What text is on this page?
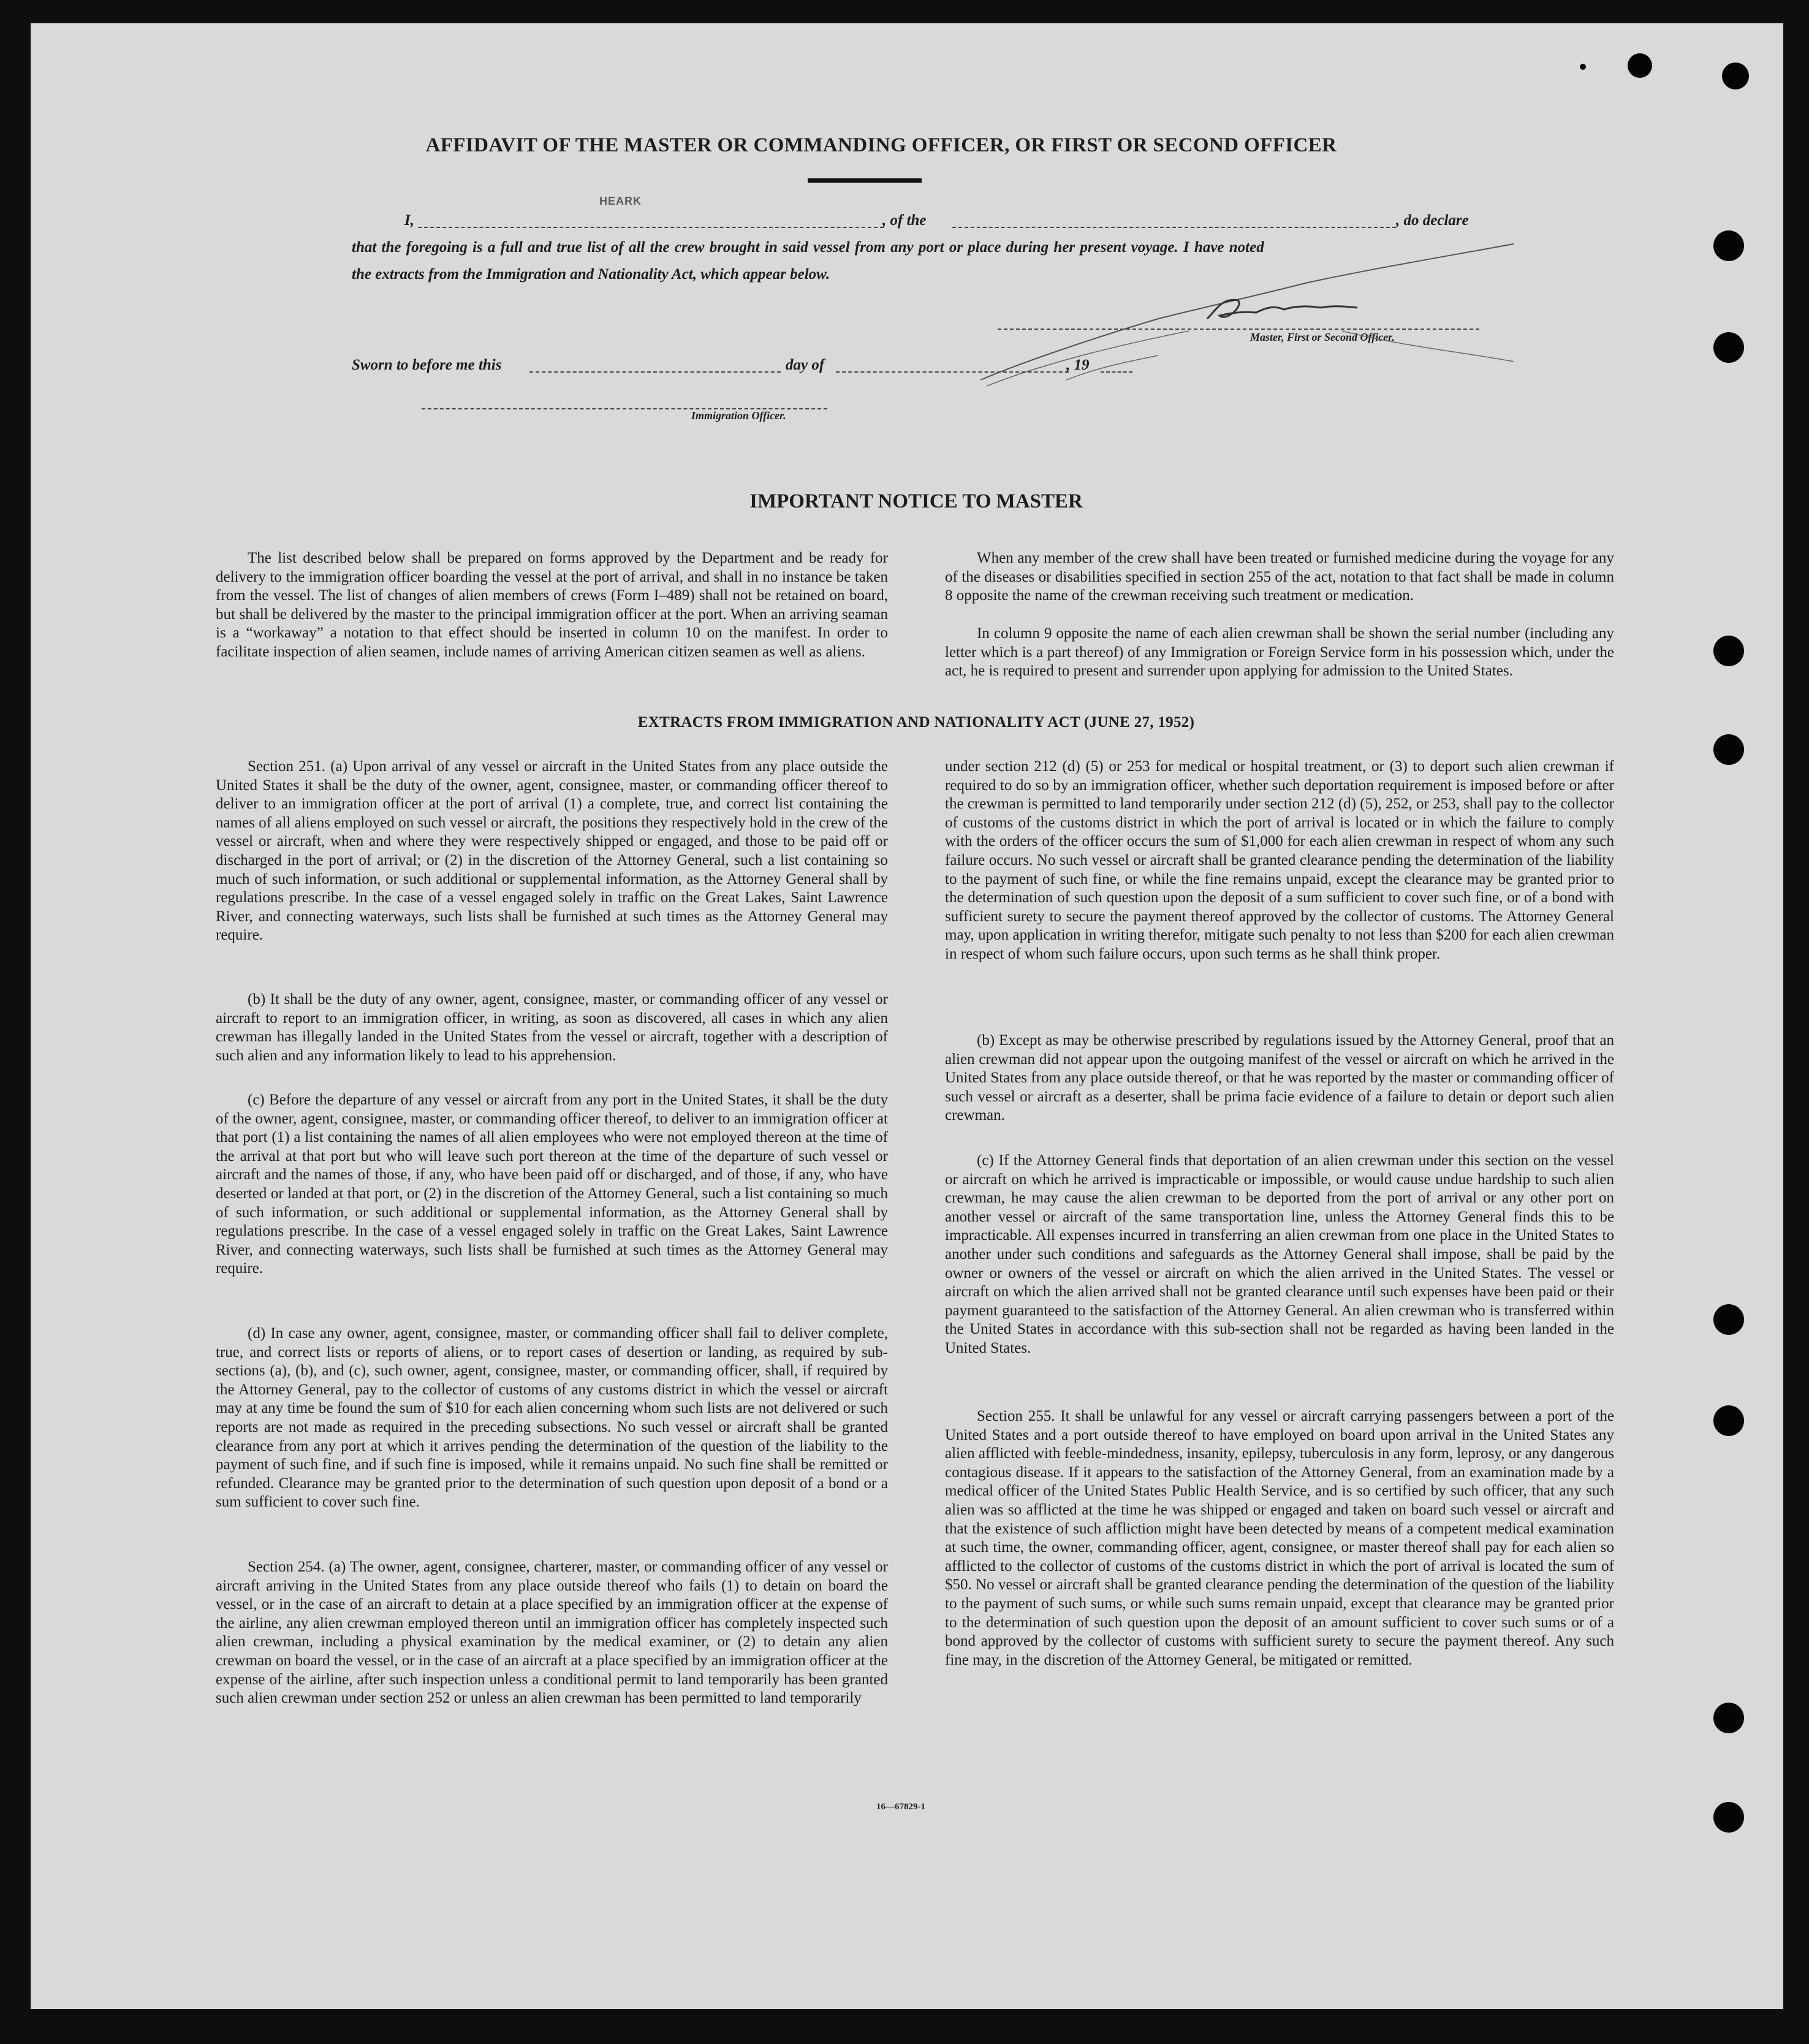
AFFIDAVIT OF THE MASTER OR COMMANDING OFFICER, OR FIRST OR SECOND OFFICER
I,
HEARK
, of the	, do declare
that the foregoing is a full and true list of all the crew brought in said vessel from any port or place during her present voyage. I have noted
the extracts from the Immigration and Nationality Act, which appear below.
Master, First or Second Officer.
Sworn to before me this	day of	, 19
Immigration Officer.
IMPORTANT NOTICE TO MASTER

The list described below shall be prepared on forms approved by the Department and be ready for delivery to the immigration officer boarding the vessel at the port of arrival, and shall in no instance be taken from the vessel. The list of changes of alien members of crews (Form I–489) shall not be retained on board, but shall be delivered by the master to the principal immigration officer at the port. When an arriving seaman is a “workaway” a notation to that effect should be inserted in column 10 on the manifest. In order to facilitate inspection of alien seamen, include names of arriving American citizen seamen as well as aliens.

When any member of the crew shall have been treated or furnished medicine during the voyage for any of the diseases or disabilities specified in section 255 of the act, notation to that fact shall be made in column 8 opposite the name of the crewman receiving such treatment or medication.

In column 9 opposite the name of each alien crewman shall be shown the serial number (including any letter which is a part thereof) of any Immigration or Foreign Service form in his possession which, under the act, he is required to present and surrender upon applying for admission to the United States.

EXTRACTS FROM IMMIGRATION AND NATIONALITY ACT (JUNE 27, 1952)

Section 251. (a) Upon arrival of any vessel or aircraft in the United States from any place outside the United States it shall be the duty of the owner, agent, consignee, master, or commanding officer thereof to deliver to an immigration officer at the port of arrival (1) a complete, true, and correct list containing the names of all aliens employed on such vessel or aircraft, the positions they respectively hold in the crew of the vessel or aircraft, when and where they were respectively shipped or engaged, and those to be paid off or discharged in the port of arrival; or (2) in the discretion of the Attorney General, such a list containing so much of such information, or such additional or supplemental information, as the Attorney General shall by regulations prescribe. In the case of a vessel engaged solely in traffic on the Great Lakes, Saint Lawrence River, and connecting waterways, such lists shall be furnished at such times as the Attorney General may require.

(b) It shall be the duty of any owner, agent, consignee, master, or commanding officer of any vessel or aircraft to report to an immigration officer, in writing, as soon as discovered, all cases in which any alien crewman has illegally landed in the United States from the vessel or aircraft, together with a description of such alien and any information likely to lead to his apprehension.

(c) Before the departure of any vessel or aircraft from any port in the United States, it shall be the duty of the owner, agent, consignee, master, or commanding officer thereof, to deliver to an immigration officer at that port (1) a list containing the names of all alien employees who were not employed thereon at the time of the arrival at that port but who will leave such port thereon at the time of the departure of such vessel or aircraft and the names of those, if any, who have been paid off or discharged, and of those, if any, who have deserted or landed at that port, or (2) in the discretion of the Attorney General, such a list containing so much of such information, or such additional or supplemental information, as the Attorney General shall by regulations prescribe. In the case of a vessel engaged solely in traffic on the Great Lakes, Saint Lawrence River, and connecting waterways, such lists shall be furnished at such times as the Attorney General may require.

(d) In case any owner, agent, consignee, master, or commanding officer shall fail to deliver complete, true, and correct lists or reports of aliens, or to report cases of desertion or landing, as required by sub-sections (a), (b), and (c), such owner, agent, consignee, master, or commanding officer, shall, if required by the Attorney General, pay to the collector of customs of any customs district in which the vessel or aircraft may at any time be found the sum of $10 for each alien concerning whom such lists are not delivered or such reports are not made as required in the preceding subsections. No such vessel or aircraft shall be granted clearance from any port at which it arrives pending the determination of the question of the liability to the payment of such fine, and if such fine is imposed, while it remains unpaid. No such fine shall be remitted or refunded. Clearance may be granted prior to the determination of such question upon deposit of a bond or a sum sufficient to cover such fine.

Section 254. (a) The owner, agent, consignee, charterer, master, or commanding officer of any vessel or aircraft arriving in the United States from any place outside thereof who fails (1) to detain on board the vessel, or in the case of an aircraft to detain at a place specified by an immigration officer at the expense of the airline, any alien crewman employed thereon until an immigration officer has completely inspected such alien crewman, including a physical examination by the medical examiner, or (2) to detain any alien crewman on board the vessel, or in the case of an aircraft at a place specified by an immigration officer at the expense of the airline, after such inspection unless a conditional permit to land temporarily has been granted such alien crewman under section 252 or unless an alien crewman has been permitted to land temporarily

under section 212 (d) (5) or 253 for medical or hospital treatment, or (3) to deport such alien crewman if required to do so by an immigration officer, whether such deportation requirement is imposed before or after the crewman is permitted to land temporarily under section 212 (d) (5), 252, or 253, shall pay to the collector of customs of the customs district in which the port of arrival is located or in which the failure to comply with the orders of the officer occurs the sum of $1,000 for each alien crewman in respect of whom any such failure occurs. No such vessel or aircraft shall be granted clearance pending the determination of the liability to the payment of such fine, or while the fine remains unpaid, except the clearance may be granted prior to the determination of such question upon the deposit of a sum sufficient to cover such fine, or of a bond with sufficient surety to secure the payment thereof approved by the collector of customs. The Attorney General may, upon application in writing therefor, mitigate such penalty to not less than $200 for each alien crewman in respect of whom such failure occurs, upon such terms as he shall think proper.

(b) Except as may be otherwise prescribed by regulations issued by the Attorney General, proof that an alien crewman did not appear upon the outgoing manifest of the vessel or aircraft on which he arrived in the United States from any place outside thereof, or that he was reported by the master or commanding officer of such vessel or aircraft as a deserter, shall be prima facie evidence of a failure to detain or deport such alien crewman.

(c) If the Attorney General finds that deportation of an alien crewman under this section on the vessel or aircraft on which he arrived is impracticable or impossible, or would cause undue hardship to such alien crewman, he may cause the alien crewman to be deported from the port of arrival or any other port on another vessel or aircraft of the same transportation line, unless the Attorney General finds this to be impracticable. All expenses incurred in transferring an alien crewman from one place in the United States to another under such conditions and safeguards as the Attorney General shall impose, shall be paid by the owner or owners of the vessel or aircraft on which the alien arrived in the United States. The vessel or aircraft on which the alien arrived shall not be granted clearance until such expenses have been paid or their payment guaranteed to the satisfaction of the Attorney General. An alien crewman who is transferred within the United States in accordance with this sub-section shall not be regarded as having been landed in the United States.

Section 255. It shall be unlawful for any vessel or aircraft carrying passengers between a port of the United States and a port outside thereof to have employed on board upon arrival in the United States any alien afflicted with feeble-mindedness, insanity, epilepsy, tuberculosis in any form, leprosy, or any dangerous contagious disease. If it appears to the satisfaction of the Attorney General, from an examination made by a medical officer of the United States Public Health Service, and is so certified by such officer, that any such alien was so afflicted at the time he was shipped or engaged and taken on board such vessel or aircraft and that the existence of such affliction might have been detected by means of a competent medical examination at such time, the owner, commanding officer, agent, consignee, or master thereof shall pay for each alien so afflicted to the collector of customs of the customs district in which the port of arrival is located the sum of $50. No vessel or aircraft shall be granted clearance pending the determination of the question of the liability to the payment of such sums, or while such sums remain unpaid, except that clearance may be granted prior to the determination of such question upon the deposit of an amount sufficient to cover such sums or of a bond approved by the collector of customs with sufficient surety to secure the payment thereof. Any such fine may, in the discretion of the Attorney General, be mitigated or remitted.

16—67829-1
